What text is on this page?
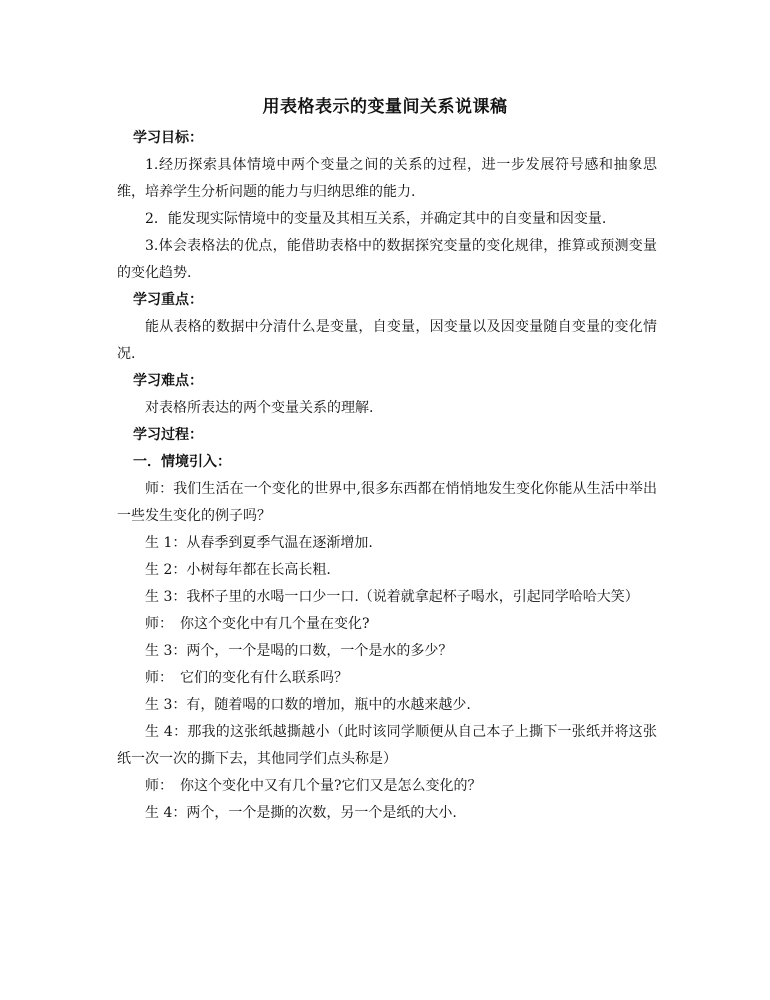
用表格表示的变量间关系说课稿

学习目标：

1.经历探索具体情境中两个变量之间的关系的过程，进一步发展符号感和抽象思维，培养学生分析问题的能力与归纳思维的能力.

2．能发现实际情境中的变量及其相互关系，并确定其中的自变量和因变量.

3.体会表格法的优点，能借助表格中的数据探究变量的变化规律，推算或预测变量的变化趋势.

学习重点：

能从表格的数据中分清什么是变量，自变量，因变量以及因变量随自变量的变化情况.

学习难点：

对表格所表达的两个变量关系的理解.

学习过程：

一．情境引入：

师：我们生活在一个变化的世界中,很多东西都在悄悄地发生变化你能从生活中举出一些发生变化的例子吗？

生 1：从春季到夏季气温在逐渐增加.

生 2：小树每年都在长高长粗.

生 3：我杯子里的水喝一口少一口.（说着就拿起杯子喝水，引起同学哈哈大笑）

师：　你这个变化中有几个量在变化?

生 3：两个，一个是喝的口数，一个是水的多少？

师：　它们的变化有什么联系吗？

生 3：有，随着喝的口数的增加，瓶中的水越来越少.

生 4：那我的这张纸越撕越小（此时该同学顺便从自己本子上撕下一张纸并将这张纸一次一次的撕下去，其他同学们点头称是）

师：　你这个变化中又有几个量?它们又是怎么变化的？

生 4：两个，一个是撕的次数，另一个是纸的大小.
